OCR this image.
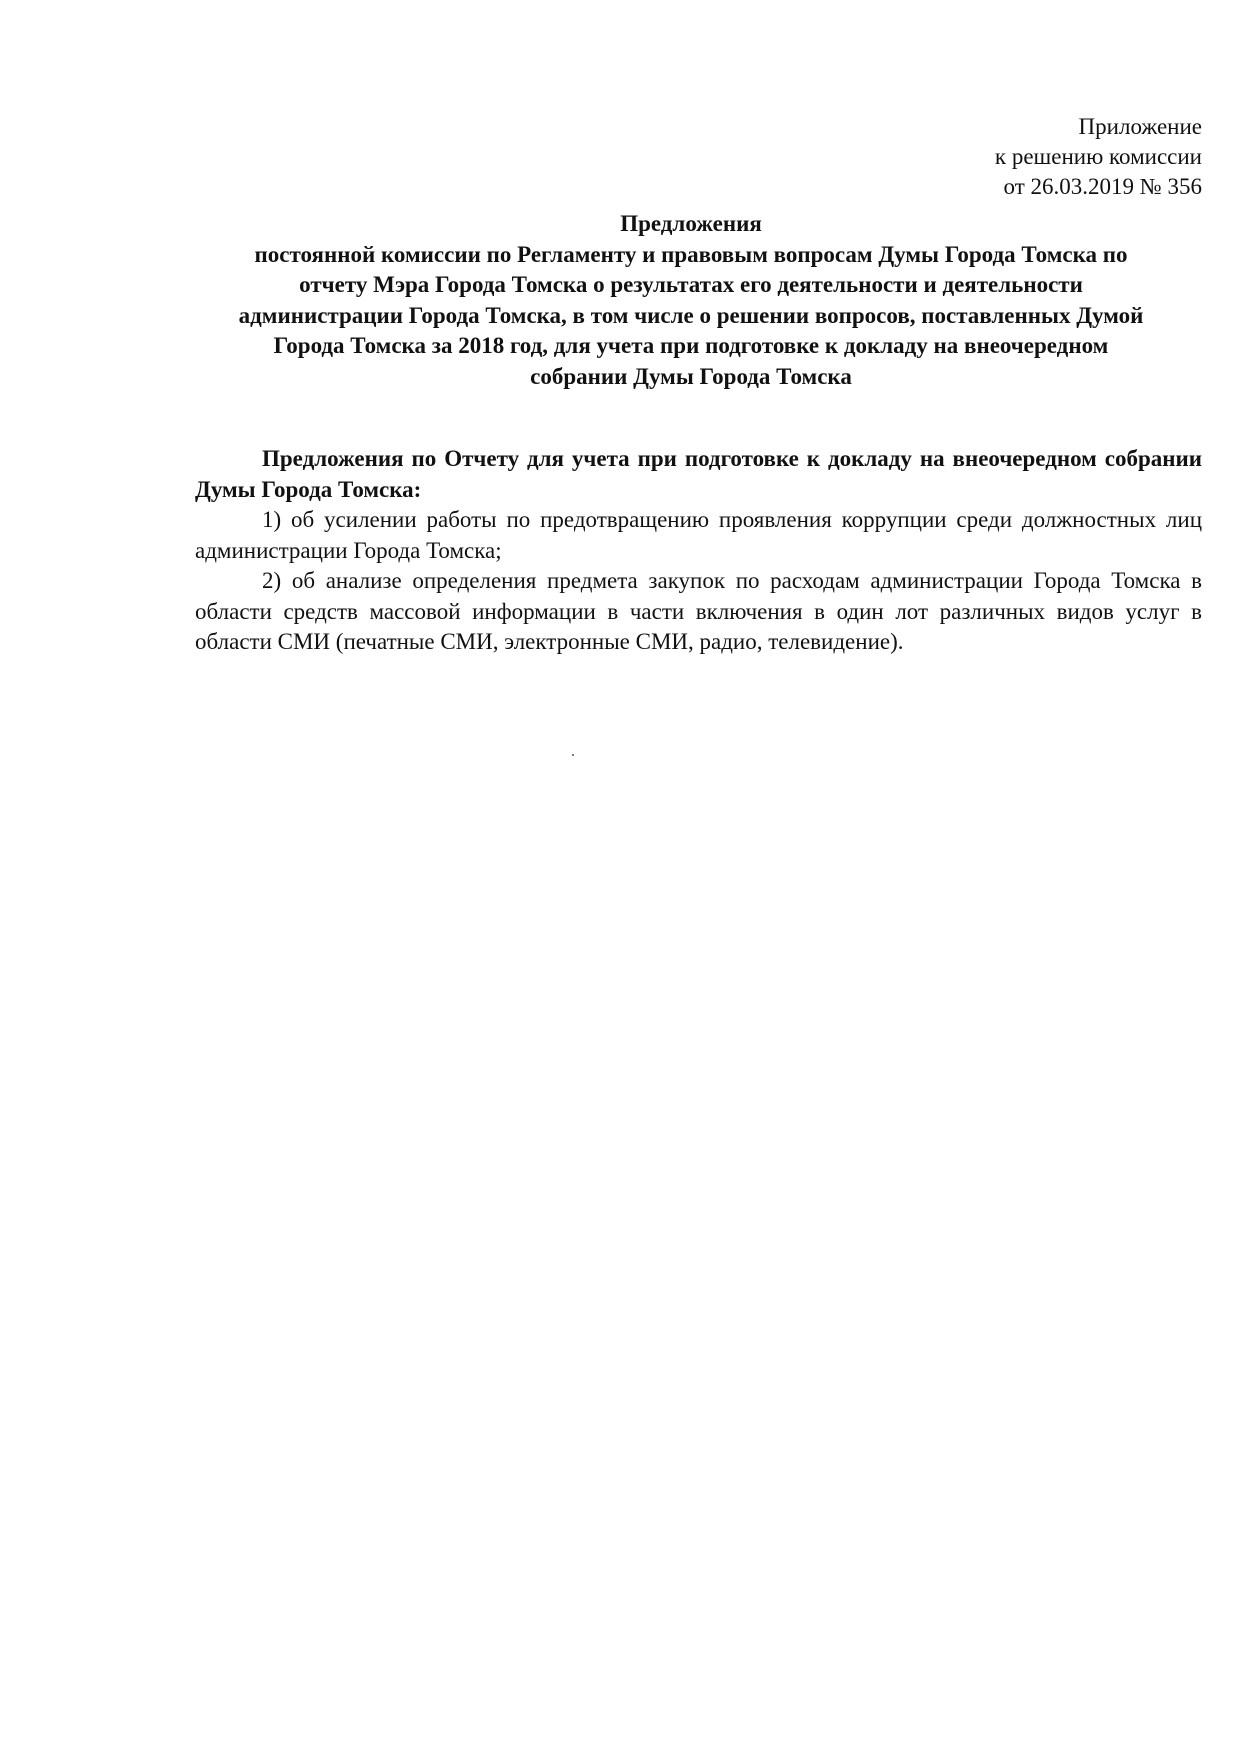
Приложение
к решению комиссии
от 26.03.2019 № 356
Предложения
постоянной комиссии по Регламенту и правовым вопросам Думы Города Томска по
отчету Мэра Города Томска о результатах его деятельности и деятельности
администрации Города Томска, в том числе о решении вопросов, поставленных Думой
Города Томска за 2018 год, для учета при подготовке к докладу на внеочередном
собрании Думы Города Томска

Предложения по Отчету для учета при подготовке к докладу на внеочередном собрании Думы Города Томска:

1) об усилении работы по предотвращению проявления коррупции среди должностных лиц администрации Города Томска;

2) об анализе определения предмета закупок по расходам администрации Города Томска в области средств массовой информации в части включения в один лот различных видов услуг в области СМИ (печатные СМИ, электронные СМИ, радио, телевидение).
